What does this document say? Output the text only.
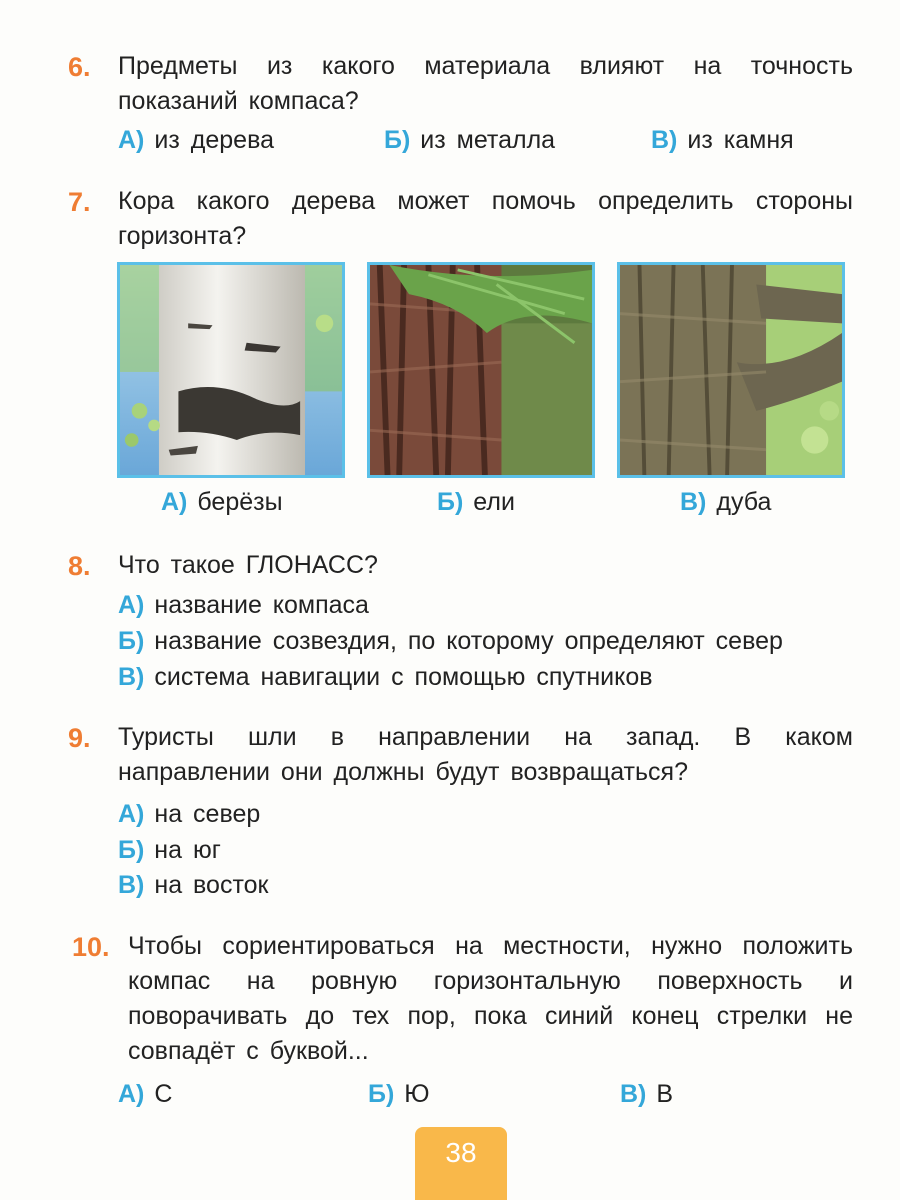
6. Предметы из какого материала влияют на точность показаний компаса?
А) из дерева	Б) из металла	В) из камня
7. Кора какого дерева может помочь определить стороны горизонта?
А) берёзы	Б) ели	В) дуба
8. Что такое ГЛОНАСС?
А) название компаса
Б) название созвездия, по которому определяют север
В) система навигации с помощью спутников
9. Туристы шли в направлении на запад. В каком направлении они должны будут возвращаться?
А) на север
Б) на юг
В) на восток
10. Чтобы сориентироваться на местности, нужно положить компас на ровную горизонтальную поверхность и поворачивать до тех пор, пока синий конец стрелки не совпадёт с буквой...
А) С	Б) Ю	В) В
38
